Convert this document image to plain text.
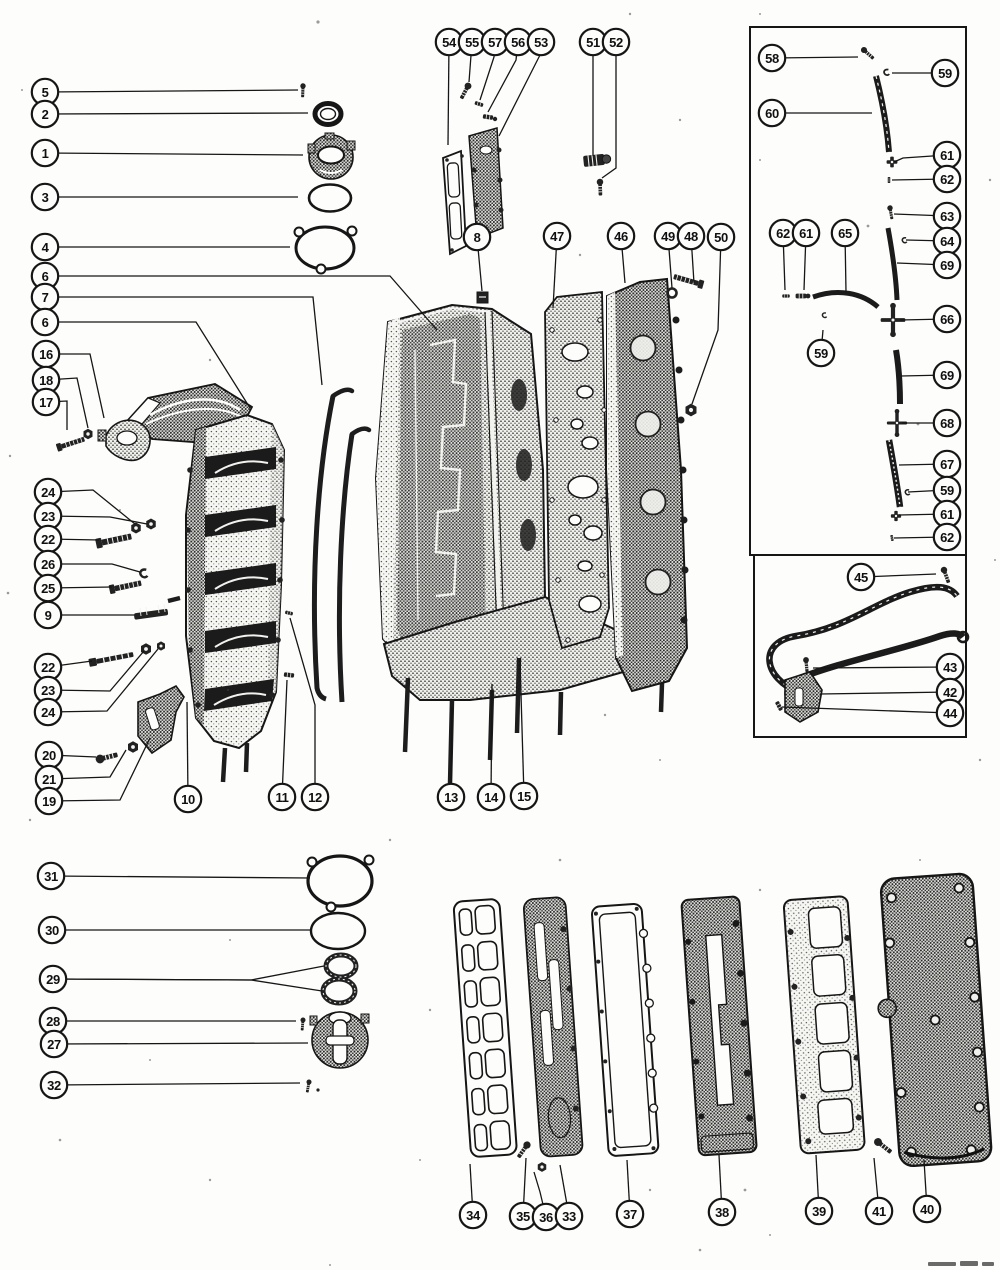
5
2
1
3
4
6
7
6
16
18
17
24
23
22
26
25
9
22
23
24
20
21
19	10	11 12	13 14 15
8	47	46	49 48 50
54 55 57 56 53	51 52
58
59
60
61
62
63
64
69
62 61 65
59
66
69
68
67
59
61
62
45
43
42
44
31
30
29
28
27
32
34	35 36 33	37	38	39	41	40
